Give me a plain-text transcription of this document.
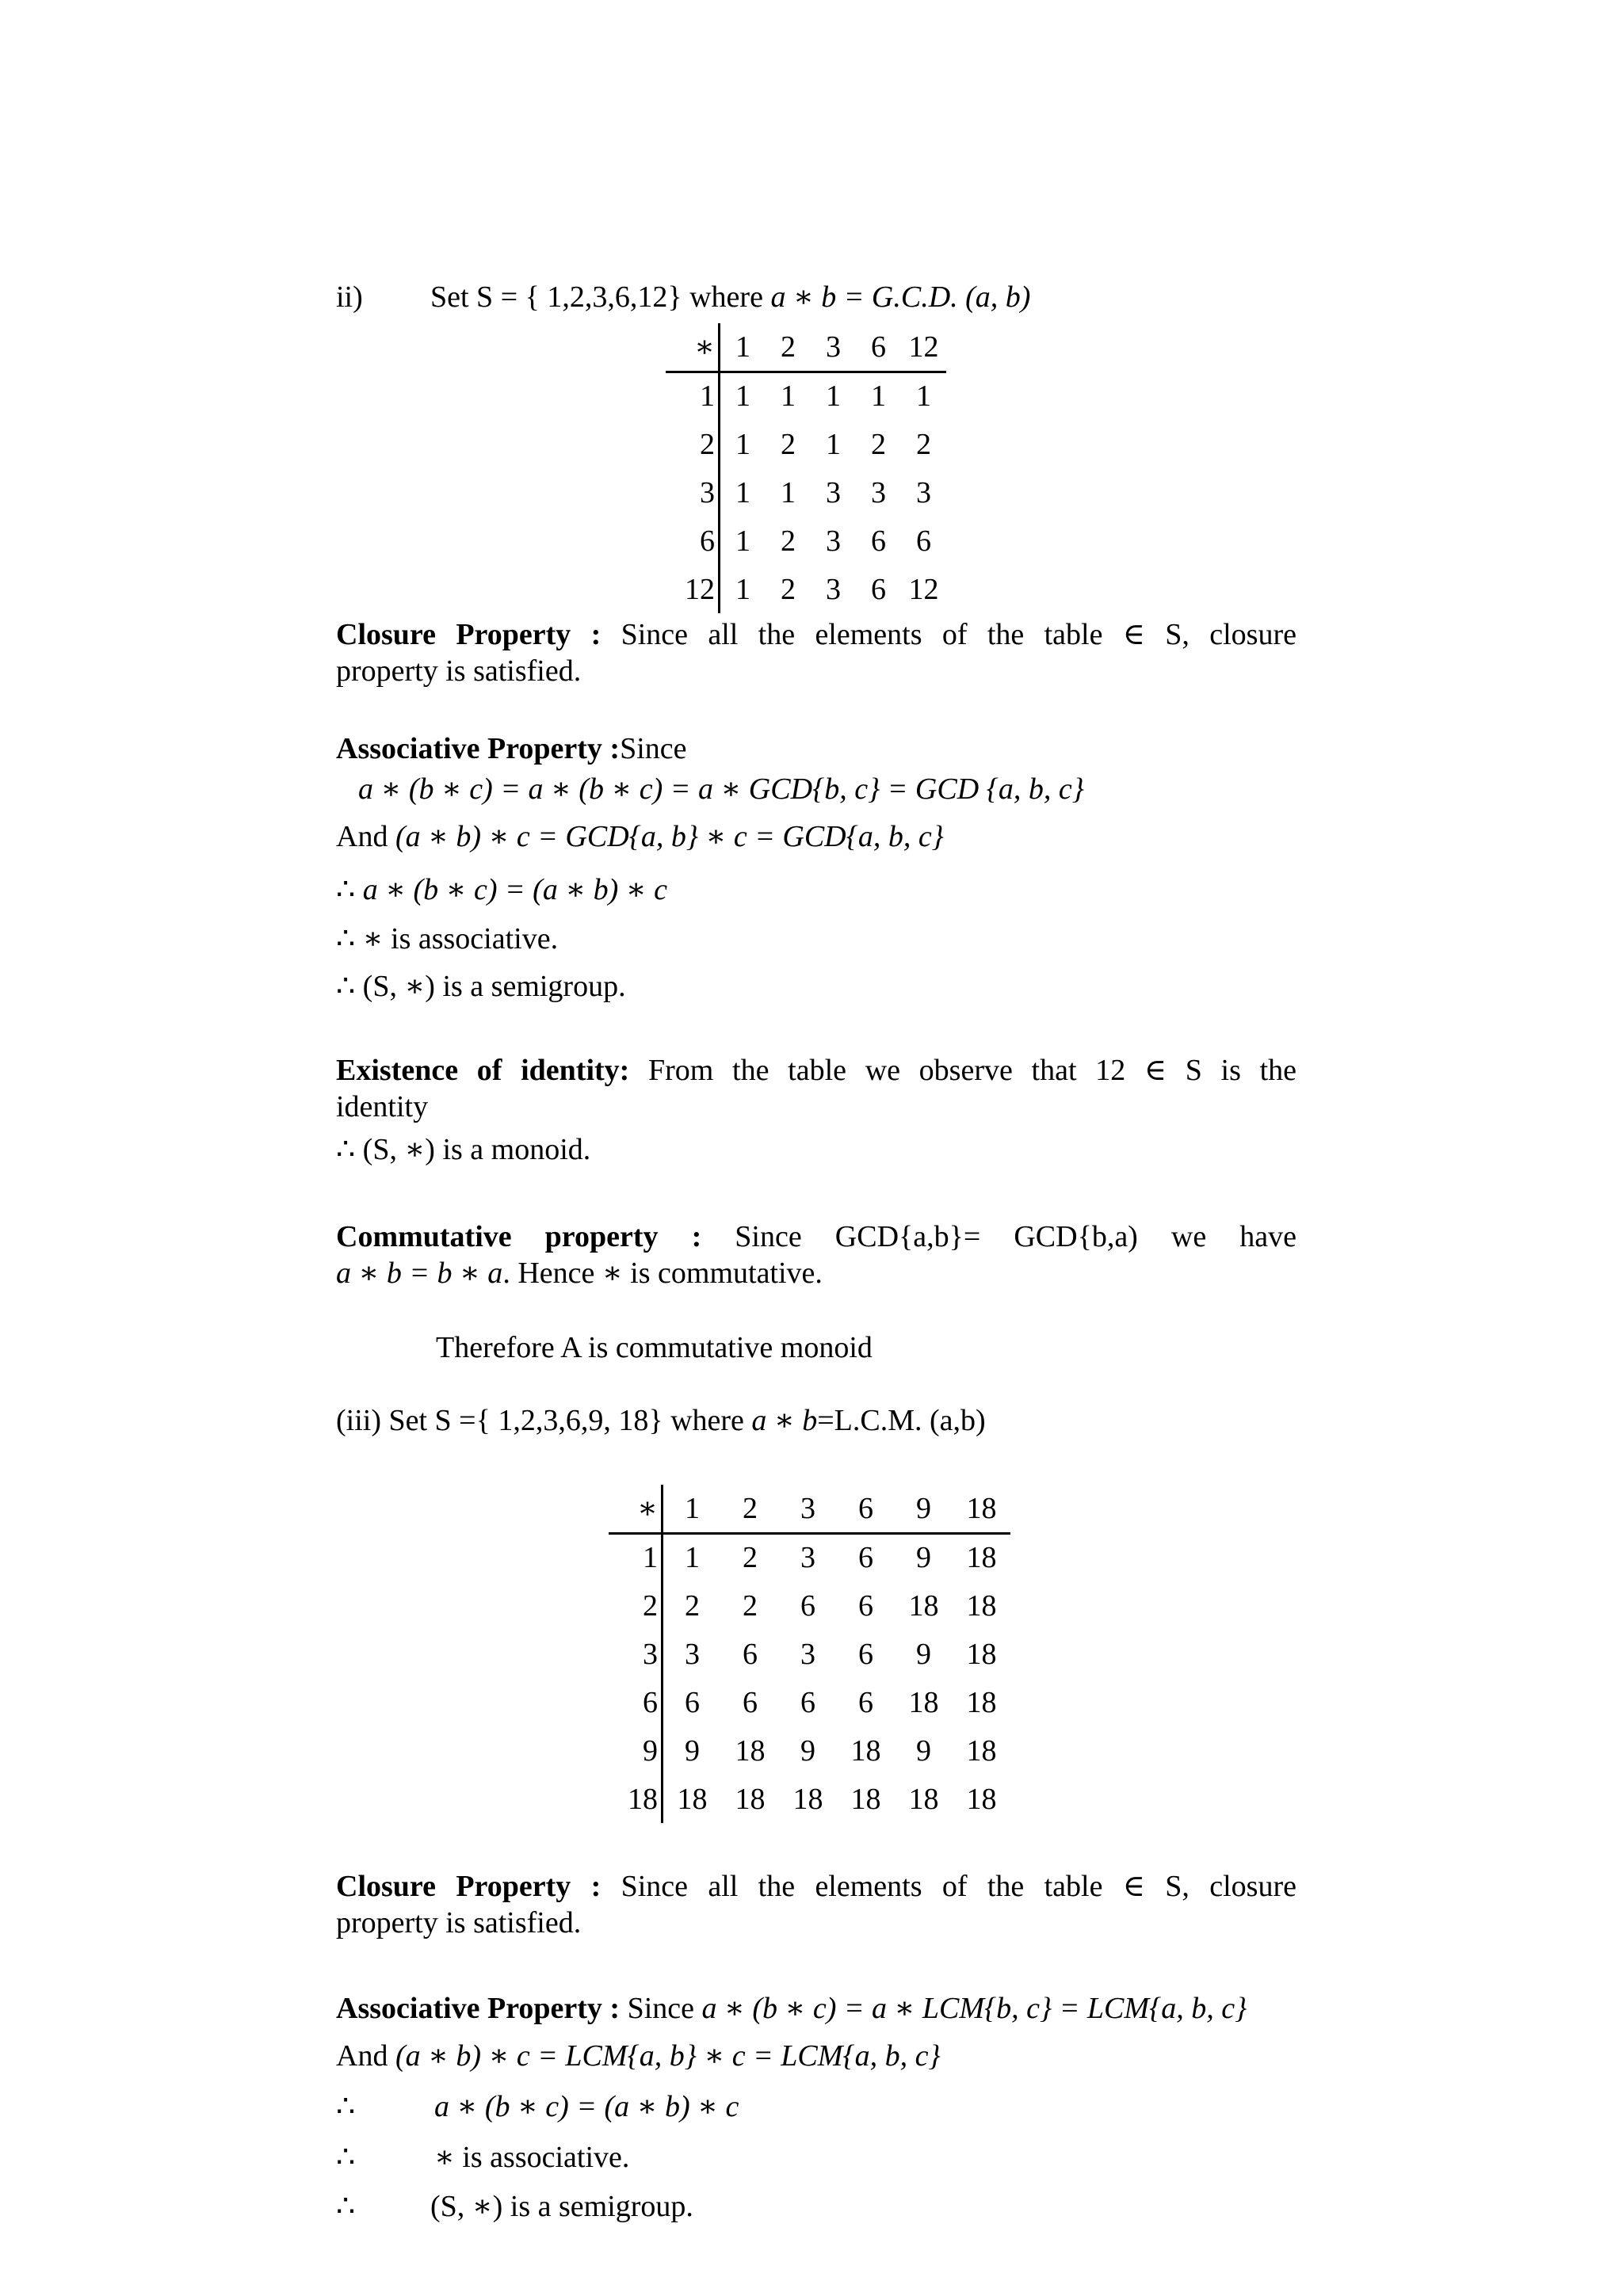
ii) Set S = { 1,2,3,6,12} where a ∗ b = G.C.D. (a, b)
∗	1	2	3	6	12
1	1	1	1	1	1
2	1	2	1	2	2
3	1	1	3	3	3
6	1	2	3	6	6
12	1	2	3	6	12
Closure Property : Since all the elements of the table ∈ S, closure
property is satisfied.
Associative Property :Since
a ∗ (b ∗ c) = a ∗ (b ∗ c) = a ∗ GCD{b, c} = GCD {a, b, c}
And (a ∗ b) ∗ c = GCD{a, b} ∗ c = GCD{a, b, c}
∴ a ∗ (b ∗ c) = (a ∗ b) ∗ c
∴ ∗ is associative.
∴ (S, ∗) is a semigroup.
Existence of identity: From the table we observe that 12 ∈ S is the
identity
∴ (S, ∗) is a monoid.
Commutative property : Since GCD{a,b}= GCD{b,a) we have
a ∗ b = b ∗ a. Hence ∗ is commutative.
Therefore A is commutative monoid
(iii) Set S ={ 1,2,3,6,9, 18} where a ∗ b=L.C.M. (a,b)
∗	1	2	3	6	9	18
1	1	2	3	6	9	18
2	2	2	6	6	18	18
3	3	6	3	6	9	18
6	6	6	6	6	18	18
9	9	18	9	18	9	18
18	18	18	18	18	18	18
Closure Property : Since all the elements of the table ∈ S, closure
property is satisfied.
Associative Property : Since a ∗ (b ∗ c) = a ∗ LCM{b, c} = LCM{a, b, c}
And (a ∗ b) ∗ c = LCM{a, b} ∗ c = LCM{a, b, c}
∴	a ∗ (b ∗ c) = (a ∗ b) ∗ c
∴	∗ is associative.
∴ (S, ∗) is a semigroup.
